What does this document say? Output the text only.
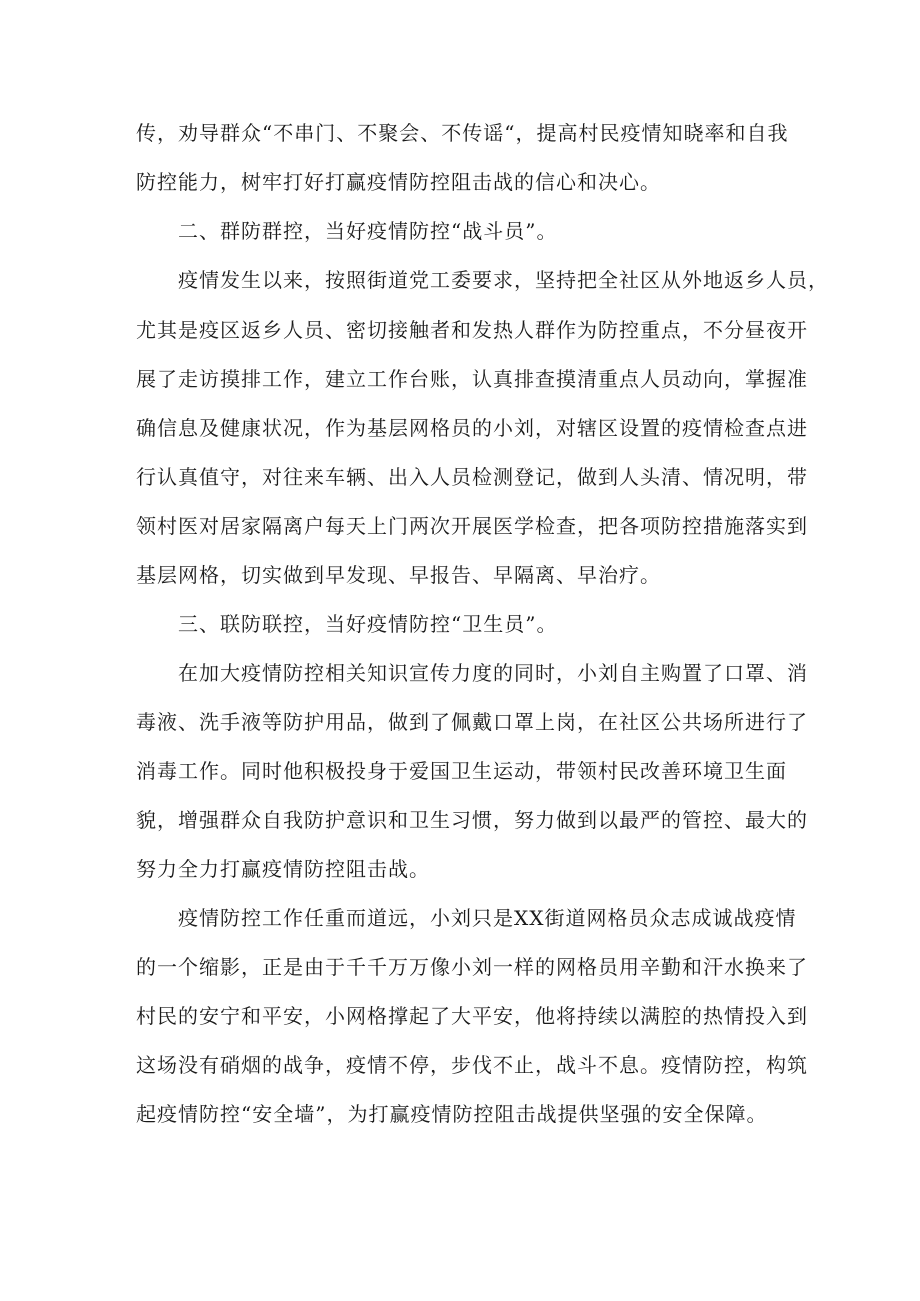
传，劝导群众“不串门、不聚会、不传谣“，提高村民疫情知晓率和自我
防控能力，树牢打好打赢疫情防控阻击战的信心和决心。
二、群防群控，当好疫情防控“战斗员”。
疫情发生以来，按照街道党工委要求，坚持把全社区从外地返乡人员，
尤其是疫区返乡人员、密切接触者和发热人群作为防控重点，不分昼夜开
展了走访摸排工作，建立工作台账，认真排查摸清重点人员动向，掌握准
确信息及健康状况，作为基层网格员的小刘，对辖区设置的疫情检查点进
行认真值守，对往来车辆、出入人员检测登记，做到人头清、情况明，带
领村医对居家隔离户每天上门两次开展医学检查，把各项防控措施落实到
基层网格，切实做到早发现、早报告、早隔离、早治疗。
三、联防联控，当好疫情防控“卫生员”。
在加大疫情防控相关知识宣传力度的同时，小刘自主购置了口罩、消
毒液、洗手液等防护用品，做到了佩戴口罩上岗，在社区公共场所进行了
消毒工作。同时他积极投身于爱国卫生运动，带领村民改善环境卫生面
貌，增强群众自我防护意识和卫生习惯，努力做到以最严的管控、最大的
努力全力打赢疫情防控阻击战。
疫情防控工作任重而道远，小刘只是XX街道网格员众志成诚战疫情
的一个缩影，正是由于千千万万像小刘一样的网格员用辛勤和汗水换来了
村民的安宁和平安，小网格撑起了大平安，他将持续以满腔的热情投入到
这场没有硝烟的战争，疫情不停，步伐不止，战斗不息。疫情防控，构筑
起疫情防控“安全墙”，为打赢疫情防控阻击战提供坚强的安全保障。
